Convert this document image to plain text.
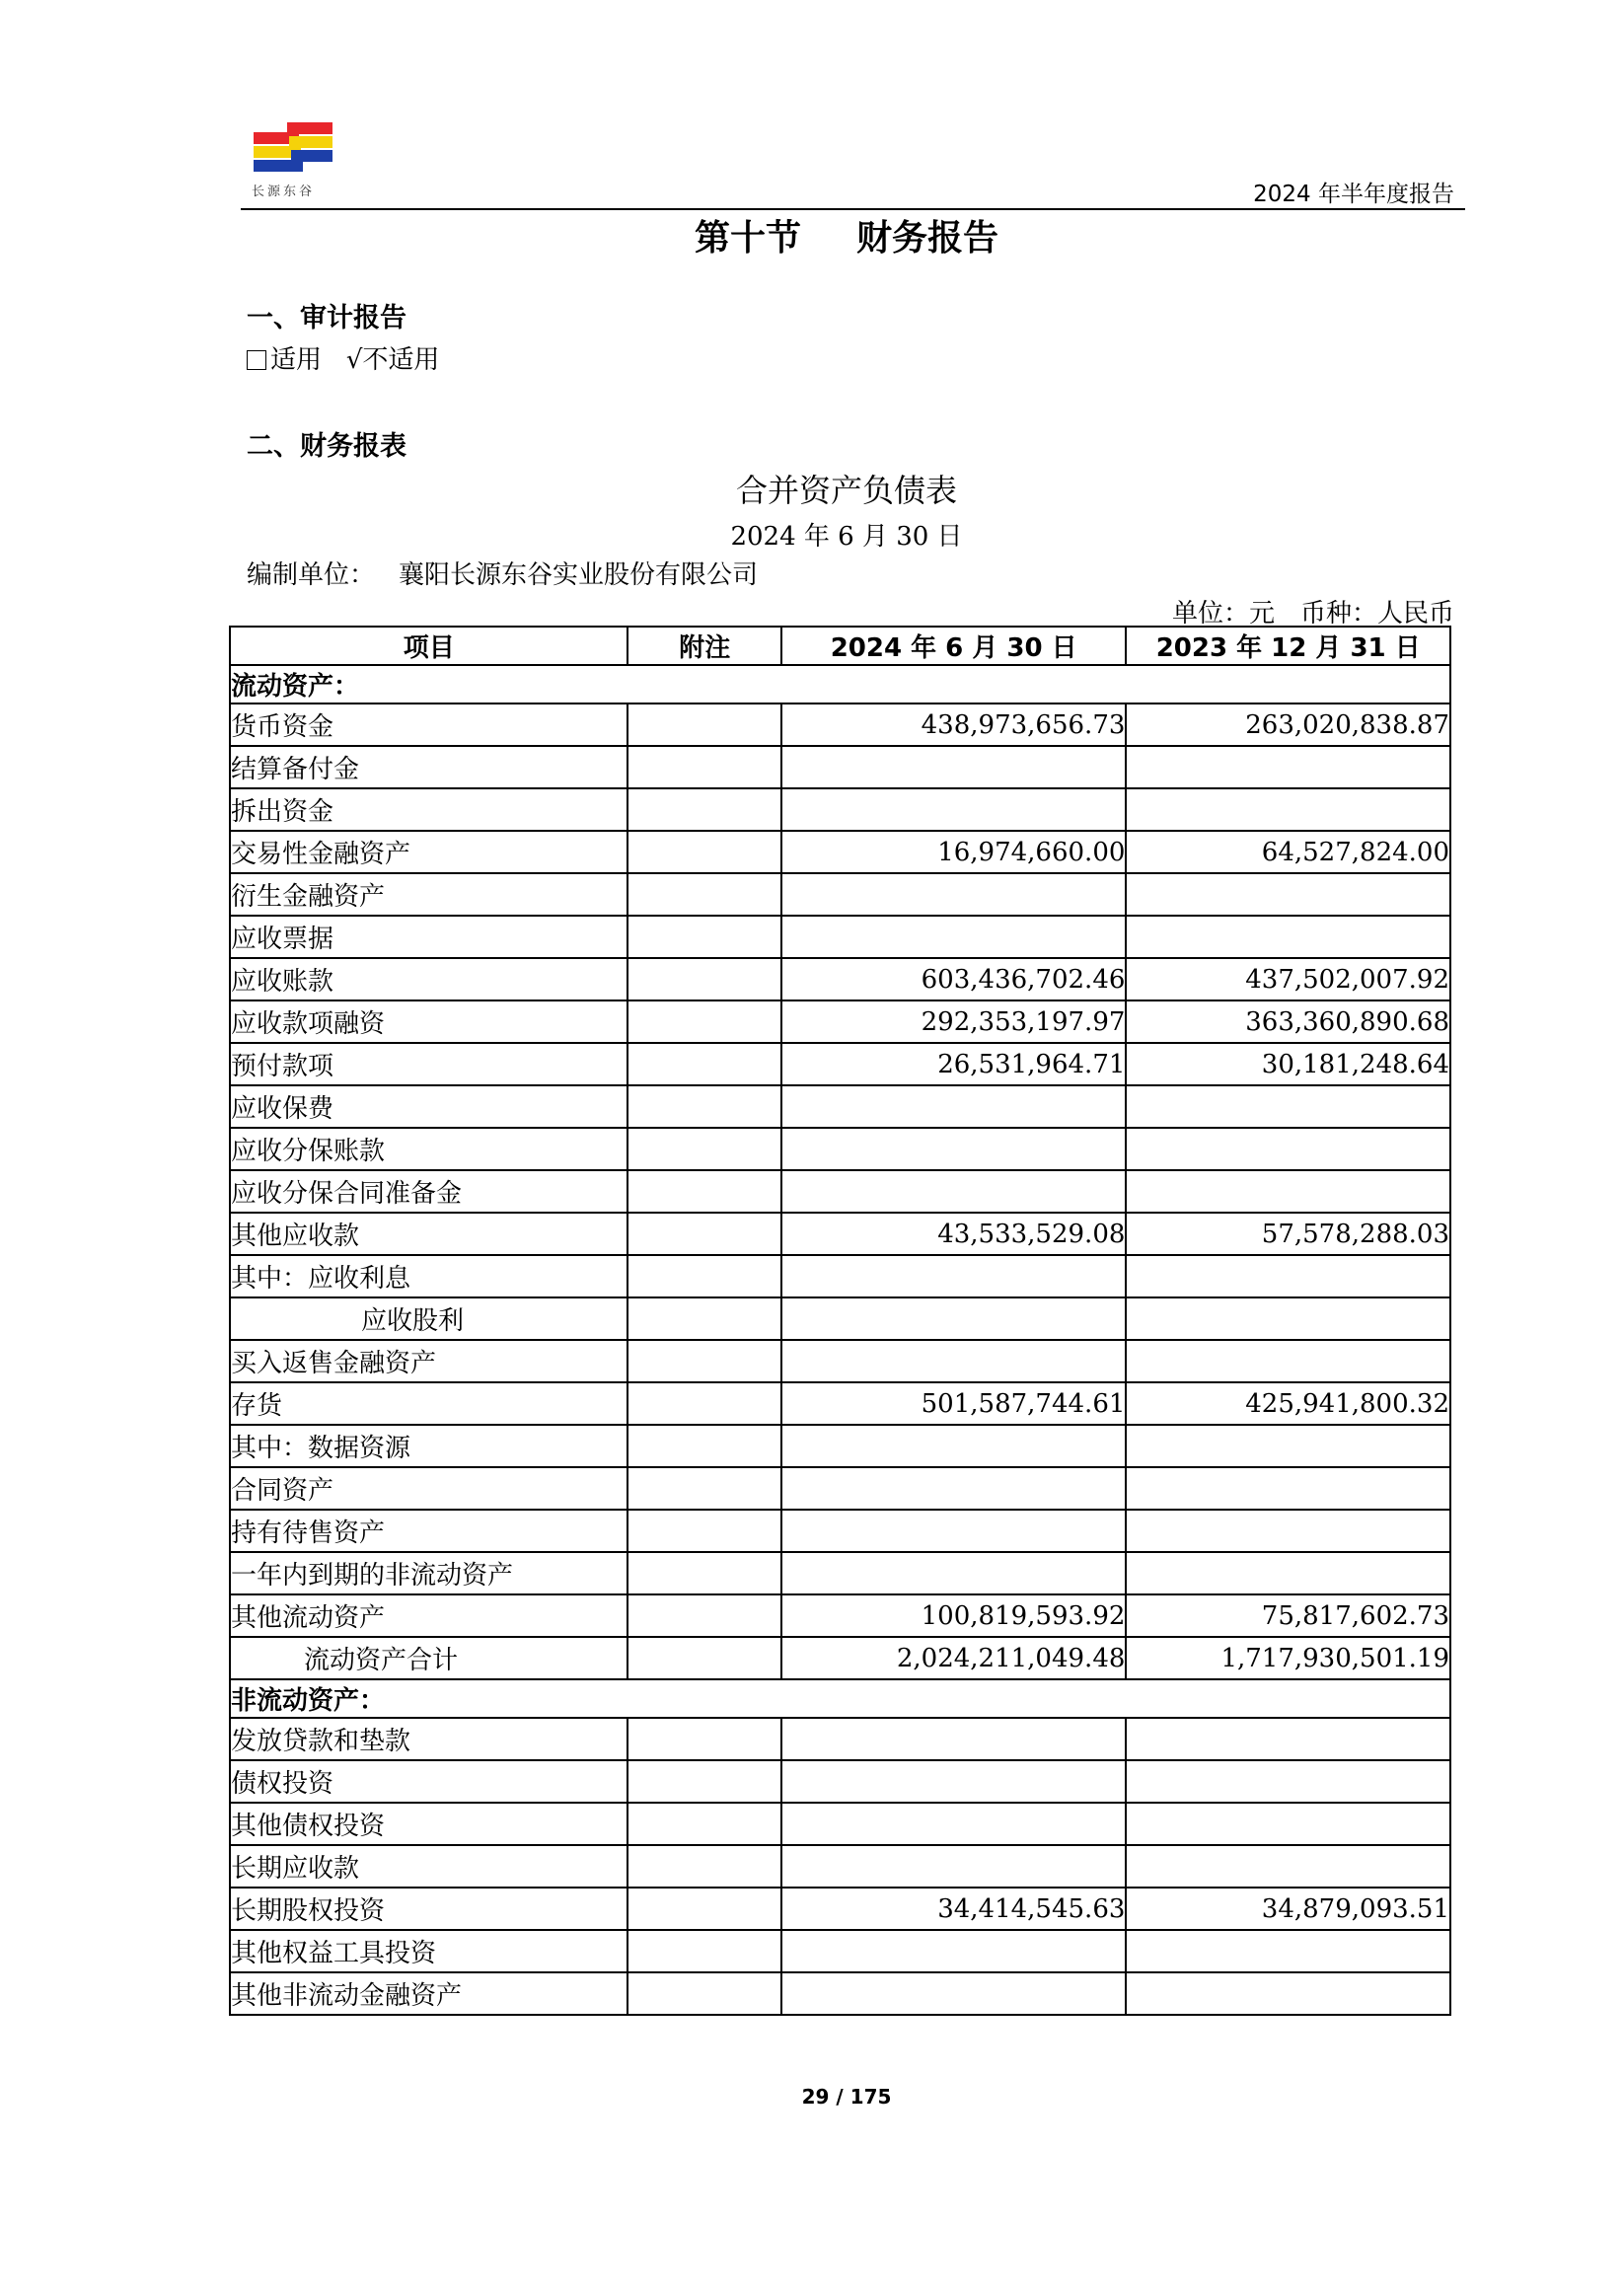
长源东谷	2024 年半年度报告
第十节 财务报告
一、审计报告
适用 √不适用
二、财务报表
合并资产负债表
2024 年 6 月 30 日
编制单位： 襄阳长源东谷实业股份有限公司
单位：元　币种：人民币
项目	附注	2024 年 6 月 30 日	2023 年 12 月 31 日
流动资产：			
货币资金		438,973,656.73	263,020,838.87
结算备付金			
拆出资金			
交易性金融资产		16,974,660.00	64,527,824.00
衍生金融资产			
应收票据			
应收账款		603,436,702.46	437,502,007.92
应收款项融资		292,353,197.97	363,360,890.68
预付款项		26,531,964.71	30,181,248.64
应收保费			
应收分保账款			
应收分保合同准备金			
其他应收款		43,533,529.08	57,578,288.03
其中：应收利息			
应收股利			
买入返售金融资产			
存货		501,587,744.61	425,941,800.32
其中：数据资源			
合同资产			
持有待售资产			
一年内到期的非流动资产			
其他流动资产		100,819,593.92	75,817,602.73
流动资产合计		2,024,211,049.48	1,717,930,501.19
非流动资产：			
发放贷款和垫款			
债权投资			
其他债权投资			
长期应收款			
长期股权投资		34,414,545.63	34,879,093.51
其他权益工具投资			
其他非流动金融资产			
29 / 175
